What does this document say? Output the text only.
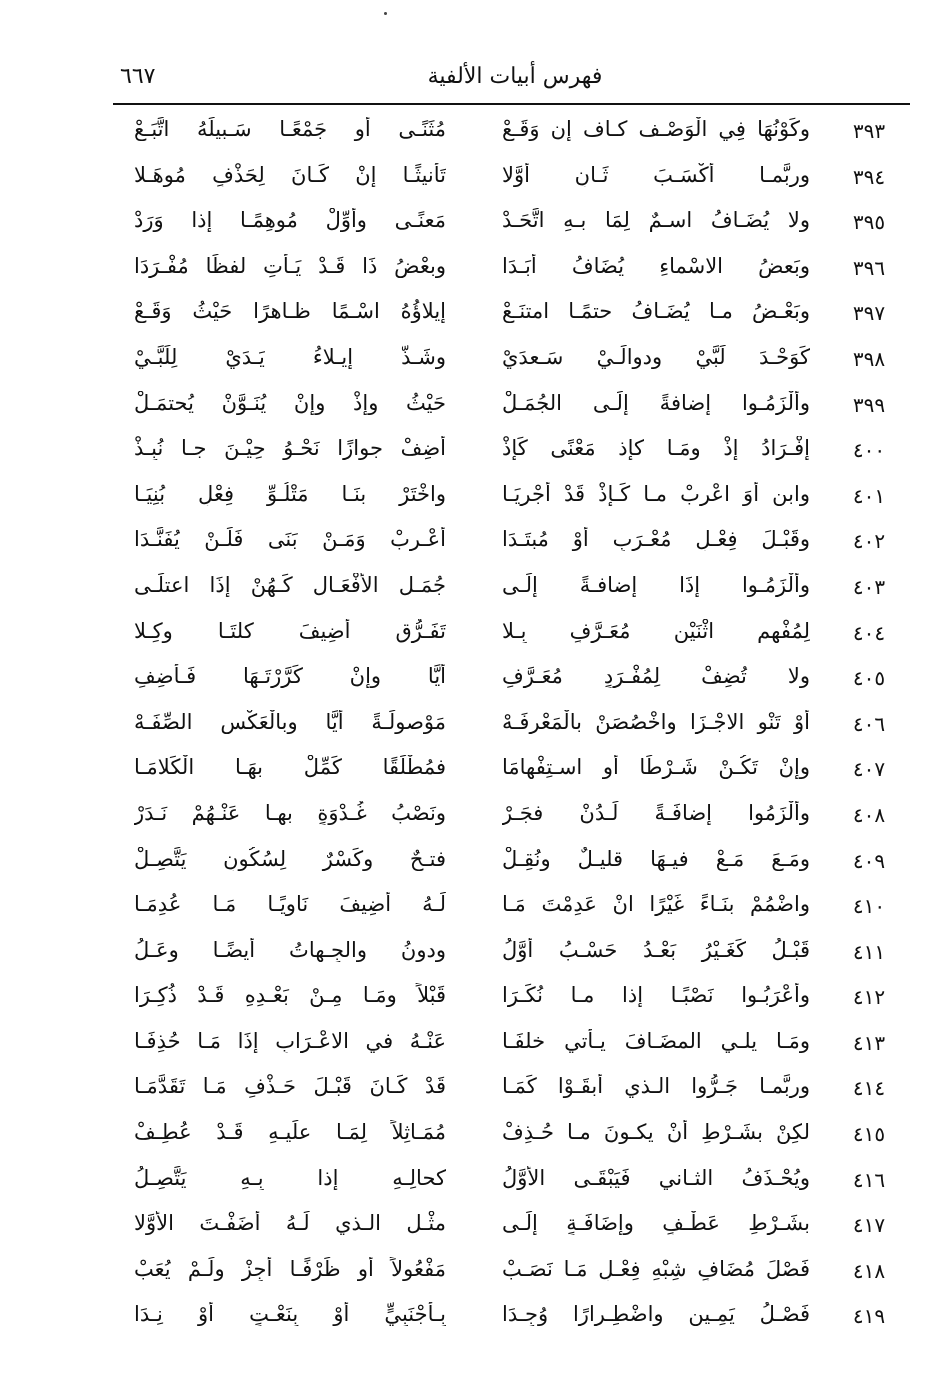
٦٦٧	فهرس أبيات الألفية
٣٩٣
وكَوْنُهَا فِي الْوَصْـف كـاف إن وَقَـعْ
مُثَنًـى أو جَمْعًـا سَـبيلَهُ اتَّبَـعْ
٣٩٤
وربَّمـا أكْسَـبَ ثَـانٍ أوَّلا
تَأنيثًـا إنْ كَـانَ لِحَذْفٍ مُوهَـلا
٣٩٥
ولا يُضَـافُ اسـمٌ لِمَا بـهِ اتَّحَـدْ
مَعنًـى وأوِّلْ مُوهِمًـا إذا وَرَدْ
٣٩٦
وبَعضُ الاسْماءِ يُضَافُ أبَـدَا
وبعْضُ ذَا قَـدْ يَـأْتِ لفظًا مُفْـرَدَا
٣٩٧
وبَعْـضُ مـا يُضَـافُ حتمًـا امتنَـعْ
إيلاؤُهُ اسْـمًا ظـاهرًا حَيْثُ وَقَـعْ
٣٩٨
كَوَحْـدَ لَبَّيْ ودوالَـيْ سَـعدَيْ
وشَـذَّ إيـلاءُ يَـدَيْ لِلَبَّـيْ
٣٩٩
وأَلْزَمُـوا إضافةً إلَـى الجُمَـلْ
حَيْثُ وإذْ وإنْ يُنَـوَّنْ يُحتمَـلْ
٤٠٠
إفْـرَادُ إذْ ومَـا كإذ مَعْنًى كَإذْ
أضِفْ جوازًا نَحْـوُ حِيْـنَ جـا نُبِـذْ
٤٠١
وابنِ أوَ اعْرِبْ مـا كَـإذْ قَدْ أُجْرِيَـا
واخْتَرْ بنَـا مَتْلُـوِّ فِعْلٍ بُنِيَـا
٤٠٢
وقَبْـلَ فِعْـلٍ مُعْـرَبٍ أوْ مُبتَـدَا
أعْـرِبْ وَمَـنْ بَنَى فَلَـنْ يُفَنَّـدَا
٤٠٣
وألْزَمُـوا إذَا إضافـةً إلَـى
جُمَـلِ الأفْعَـالِ كَـهُنْ إذَا اعتلَـى
٤٠٤
لِمُفْهِمِ اثْنَيْنِ مُعَـرَّفٍ بِـلا
تَفَـرُّقٍ أُضِيفَ كلتَـا وكِـلا
٤٠٥
ولا تُضِفْ لِمُفْـرَدٍ مُعَـرَّفِ
أيًّا وإنْ كَرَّرْتَـهَا فَـأَضِفِ
٤٠٦
أوْ تَنْوِ الاجْـزَا واخْصُصَنْ بالْمَعْرفَـهْ
مَوْصولَـةً أيًّا وبالْعَكْسِ الصِّفَـهْ
٤٠٧
وإنْ تَكُـنْ شَـرْطًا أو اسـتِفْهامَا
فمُطْلَقًا كَمِّلْ بهَـا الْكَلامَـا
٤٠٨
وألْزَمُوا إضافَـةً لَـدُنْ فجَـرْ
ونَصْبُ غُـدْوَةٍ بهـا عَنْـهُمْ نَـدَرْ
٤٠٩
ومَـعَ مَـعْ فيـهَا قليـلٌ ونُقِـلْ
فتـحٌ وكَسْرٌ لِسُكُونٍ يَتَّصِـلْ
٤١٠
واضْمُمْ بنَـاءً غَيْرًا انْ عَدِمْتَ مَـا
لَـهُ أضِيفَ نَاوِيًـا مَـا عُدِمَـا
٤١١
قَبْـلُ كَغَـيْرُ بَعْـدُ حَسْـبُ أوَّلُ
ودونُ والجِـهاتُ أيضًـا وعَـلُ
٤١٢
وأعْرَبُـوا نَصْبًـا إذا مـا نُكِّـرَا
قَبْلاً ومَـا مِـنْ بَعْـدِهِ قَـدْ ذُكِـرَا
٤١٣
ومَـا يلـي المضَـافَ يـأتي خلفَـا
عَنْـهُ في الاعْـرَابِ إذَا مَـا حُذِفَـا
٤١٤
وربَّمـا جَـرُّوا الـذي أبقَـوْا كَمَـا
قَدْ كَـانَ قَبْـلَ حَـذْفِ مَـا تَقَدَّمَـا
٤١٥
لكِنْ بشَـرْطِ أنْ يكـونَ مـا حُـذِفْ
مُمَـاثِلاً لِمَـا علَيـهِ قَـدْ عُطِـفْ
٤١٦
ويُحْـذَفُ الثـاني فَيَبْقَـى الأوَّلُ
كحالِـهِ إذا بِـهِ يَتَّصِـلُ
٤١٧
بشَـرْطِ عَطْـفٍ وإضَافَـةٍ إلَـى
مثْـلِ الـذي لَـهُ أضَفْـتَ الأوَّلا
٤١٨
فَصْلَ مُضَافٍ شِبْهِ فِعْـلٍ مَـا نَصَـبْ
مَفْعُولاً أو ظَرْفًـا أجِزْ ولَـمْ يُعَبْ
٤١٩
فَصْـلُ يَمِـينٍ واضْطِـرارًا وُجِـدَا
بِـأَجْنَبِيٍّ أوْ بِنَعْـتٍ أوْ نِـدَا
